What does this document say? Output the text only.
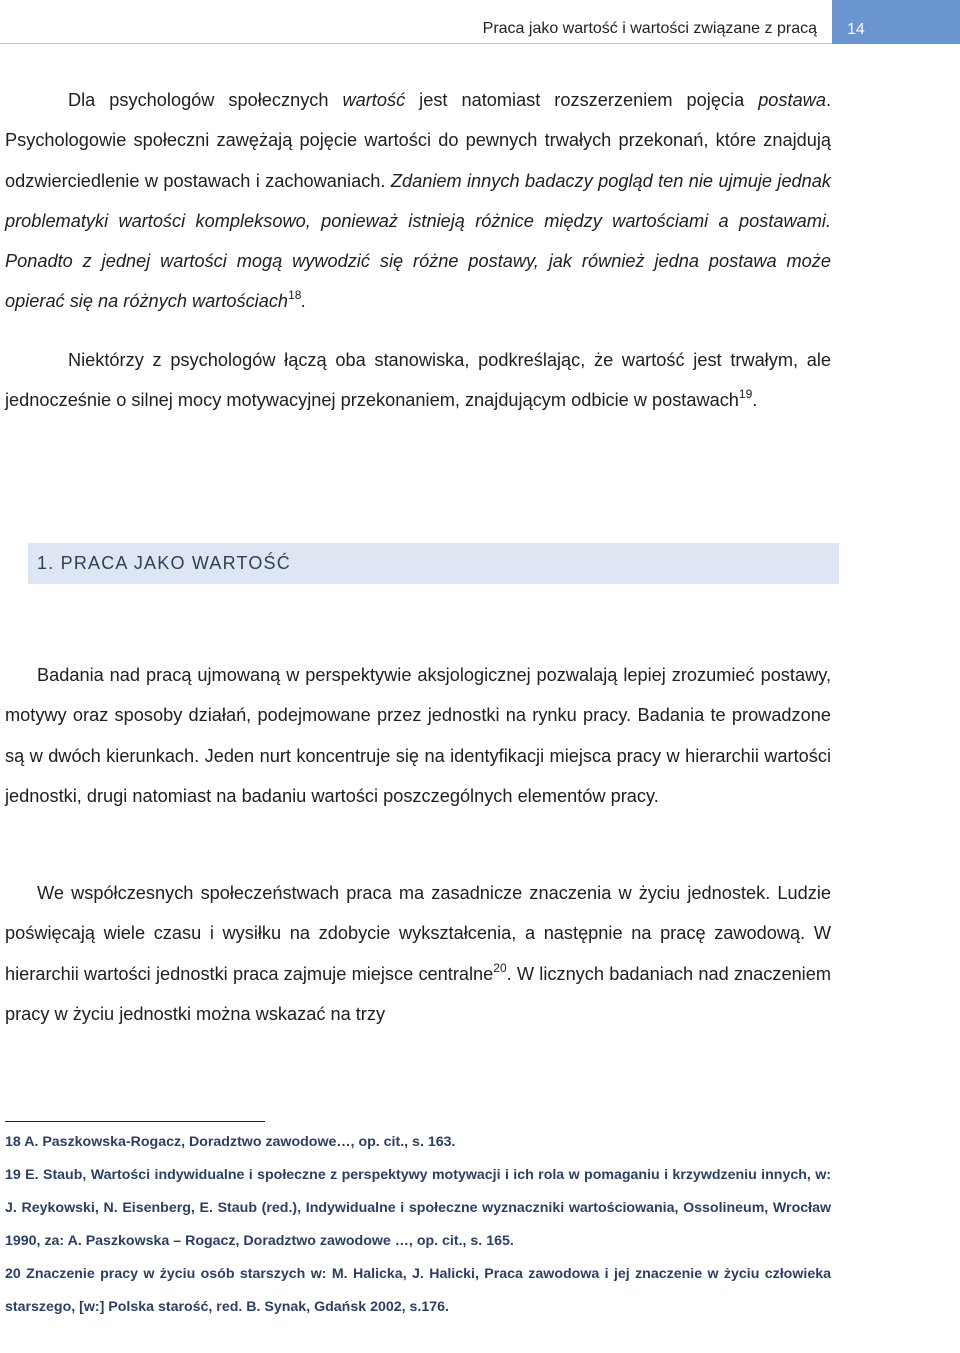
Praca jako wartość i wartości związane z pracą 14

Dla psychologów społecznych wartość jest natomiast rozszerzeniem pojęcia postawa. Psychologowie społeczni zawężają pojęcie wartości do pewnych trwałych przekonań, które znajdują odzwierciedlenie w postawach i zachowaniach. Zdaniem innych badaczy pogląd ten nie ujmuje jednak problematyki wartości kompleksowo, ponieważ istnieją różnice między wartościami a postawami. Ponadto z jednej wartości mogą wywodzić się różne postawy, jak również jedna postawa może opierać się na różnych wartościach$^{18}$.

Niektórzy z psychologów łączą oba stanowiska, podkreślając, że wartość jest trwałym, ale jednocześnie o silnej mocy motywacyjnej przekonaniem, znajdującym odbicie w postawach$^{19}$.

1. PRACA JAKO WARTOŚĆ

Badania nad pracą ujmowaną w perspektywie aksjologicznej pozwalają lepiej zrozumieć postawy, motywy oraz sposoby działań, podejmowane przez jednostki na rynku pracy. Badania te prowadzone są w dwóch kierunkach. Jeden nurt koncentruje się na identyfikacji miejsca pracy w hierarchii wartości jednostki, drugi natomiast na badaniu wartości poszczególnych elementów pracy.

We współczesnych społeczeństwach praca ma zasadnicze znaczenia w życiu jednostek. Ludzie poświęcają wiele czasu i wysiłku na zdobycie wykształcenia, a następnie na pracę zawodową. W hierarchii wartości jednostki praca zajmuje miejsce centralne$^{20}$. W licznych badaniach nad znaczeniem pracy w życiu jednostki można wskazać na trzy

18 A. Paszkowska-Rogacz, Doradztwo zawodowe…, op. cit., s. 163.

19 E. Staub, Wartości indywidualne i społeczne z perspektywy motywacji i ich rola w pomaganiu i krzywdzeniu innych, w: J. Reykowski, N. Eisenberg, E. Staub (red.), Indywidualne i społeczne wyznaczniki wartościowania, Ossolineum, Wrocław 1990, za: A. Paszkowska – Rogacz, Doradztwo zawodowe …, op. cit., s. 165.

20 Znaczenie pracy w życiu osób starszych w: M. Halicka, J. Halicki, Praca zawodowa i jej znaczenie w życiu człowieka starszego, [w:] Polska starość, red. B. Synak, Gdańsk 2002, s.176.
